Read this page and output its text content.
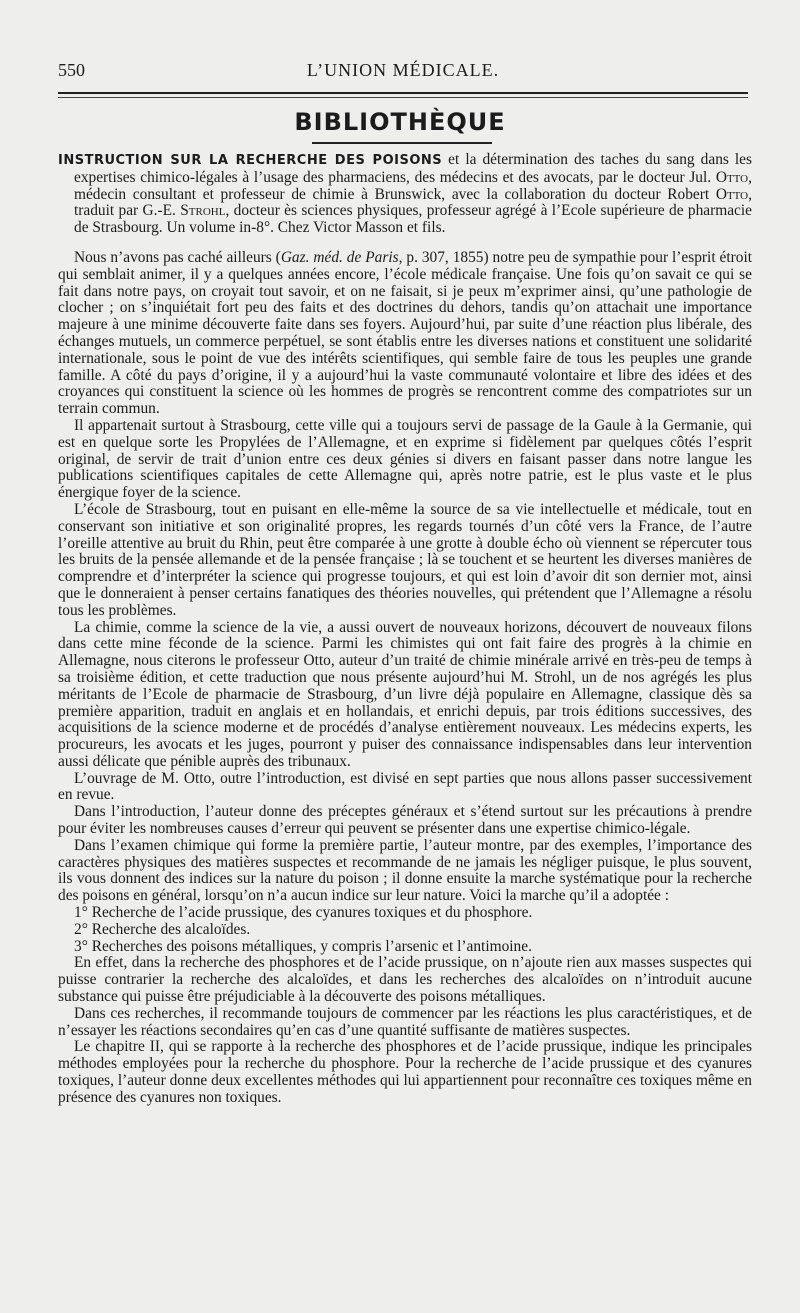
550	L’UNION MÉDICALE.
BIBLIOTHÈQUE

INSTRUCTION SUR LA RECHERCHE DES POISONS et la détermination des taches du sang dans les expertises chimico-légales à l’usage des pharmaciens, des médecins et des avocats, par le docteur Jul. Otto, médecin consultant et professeur de chimie à Brunswick, avec la collaboration du docteur Robert Otto, traduit par G.-E. Strohl, docteur ès sciences physiques, professeur agrégé à l’Ecole supérieure de pharmacie de Strasbourg. Un volume in-8°. Chez Victor Masson et fils.

Nous n’avons pas caché ailleurs (Gaz. méd. de Paris, p. 307, 1855) notre peu de sympathie pour l’esprit étroit qui semblait animer, il y a quelques années encore, l’école médicale française. Une fois qu’on savait ce qui se fait dans notre pays, on croyait tout savoir, et on ne faisait, si je peux m’exprimer ainsi, qu’une pathologie de clocher ; on s’inquiétait fort peu des faits et des doctrines du dehors, tandis qu’on attachait une importance majeure à une minime découverte faite dans ses foyers. Aujourd’hui, par suite d’une réaction plus libérale, des échanges mutuels, un commerce perpétuel, se sont établis entre les diverses nations et constituent une solidarité internationale, sous le point de vue des intérêts scientifiques, qui semble faire de tous les peuples une grande famille. A côté du pays d’origine, il y a aujourd’hui la vaste communauté volontaire et libre des idées et des croyances qui constituent la science où les hommes de progrès se rencontrent comme des compatriotes sur un terrain commun.

Il appartenait surtout à Strasbourg, cette ville qui a toujours servi de passage de la Gaule à la Germanie, qui est en quelque sorte les Propylées de l’Allemagne, et en exprime si fidèlement par quelques côtés l’esprit original, de servir de trait d’union entre ces deux génies si divers en faisant passer dans notre langue les publications scientifiques capitales de cette Allemagne qui, après notre patrie, est le plus vaste et le plus énergique foyer de la science.

L’école de Strasbourg, tout en puisant en elle-même la source de sa vie intellectuelle et médicale, tout en conservant son initiative et son originalité propres, les regards tournés d’un côté vers la France, de l’autre l’oreille attentive au bruit du Rhin, peut être comparée à une grotte à double écho où viennent se répercuter tous les bruits de la pensée allemande et de la pensée française ; là se touchent et se heurtent les diverses manières de comprendre et d’interpréter la science qui progresse toujours, et qui est loin d’avoir dit son dernier mot, ainsi que le donneraient à penser certains fanatiques des théories nouvelles, qui prétendent que l’Allemagne a résolu tous les problèmes.

La chimie, comme la science de la vie, a aussi ouvert de nouveaux horizons, découvert de nouveaux filons dans cette mine féconde de la science. Parmi les chimistes qui ont fait faire des progrès à la chimie en Allemagne, nous citerons le professeur Otto, auteur d’un traité de chimie minérale arrivé en très-peu de temps à sa troisième édition, et cette traduction que nous présente aujourd’hui M. Strohl, un de nos agrégés les plus méritants de l’Ecole de pharmacie de Strasbourg, d’un livre déjà populaire en Allemagne, classique dès sa première apparition, traduit en anglais et en hollandais, et enrichi depuis, par trois éditions successives, des acquisitions de la science moderne et de procédés d’analyse entièrement nouveaux. Les médecins experts, les procureurs, les avocats et les juges, pourront y puiser des connaissance indispensables dans leur intervention aussi délicate que pénible auprès des tribunaux.

L’ouvrage de M. Otto, outre l’introduction, est divisé en sept parties que nous allons passer successivement en revue.

Dans l’introduction, l’auteur donne des préceptes généraux et s’étend surtout sur les précautions à prendre pour éviter les nombreuses causes d’erreur qui peuvent se présenter dans une expertise chimico-légale.

Dans l’examen chimique qui forme la première partie, l’auteur montre, par des exemples, l’importance des caractères physiques des matières suspectes et recommande de ne jamais les négliger puisque, le plus souvent, ils vous donnent des indices sur la nature du poison ; il donne ensuite la marche systématique pour la recherche des poisons en général, lorsqu’on n’a aucun indice sur leur nature. Voici la marche qu’il a adoptée :

1° Recherche de l’acide prussique, des cyanures toxiques et du phosphore.

2° Recherche des alcaloïdes.

3° Recherches des poisons métalliques, y compris l’arsenic et l’antimoine.

En effet, dans la recherche des phosphores et de l’acide prussique, on n’ajoute rien aux masses suspectes qui puisse contrarier la recherche des alcaloïdes, et dans les recherches des alcaloïdes on n’introduit aucune substance qui puisse être préjudiciable à la découverte des poisons métalliques.

Dans ces recherches, il recommande toujours de commencer par les réactions les plus caractéristiques, et de n’essayer les réactions secondaires qu’en cas d’une quantité suffisante de matières suspectes.

Le chapitre II, qui se rapporte à la recherche des phosphores et de l’acide prussique, indique les principales méthodes employées pour la recherche du phosphore. Pour la recherche de l’acide prussique et des cyanures toxiques, l’auteur donne deux excellentes méthodes qui lui appartiennent pour reconnaître ces toxiques même en présence des cyanures non toxiques.
